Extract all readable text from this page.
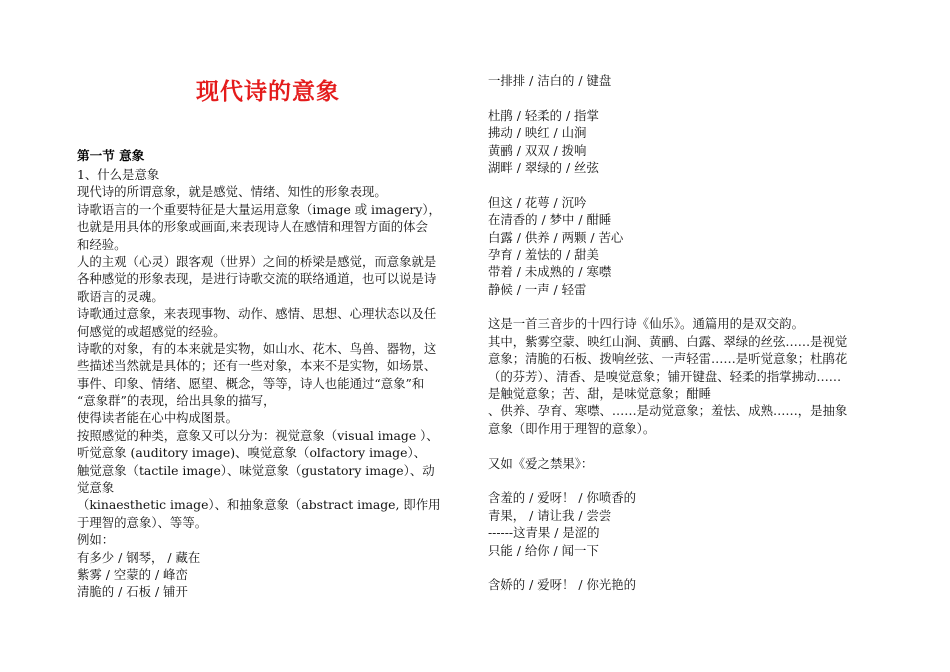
现代诗的意象
第一节 意象
1、什么是意象
现代诗的所谓意象，就是感觉、情绪、知性的形象表现。
诗歌语言的一个重要特征是大量运用意象（image 或 imagery），
也就是用具体的形象或画面,来表现诗人在感情和理智方面的体会
和经验。
人的主观（心灵）跟客观（世界）之间的桥梁是感觉，而意象就是
各种感觉的形象表现，是进行诗歌交流的联络通道，也可以说是诗
歌语言的灵魂。
诗歌通过意象，来表现事物、动作、感情、思想、心理状态以及任
何感觉的或超感觉的经验。
诗歌的对象，有的本来就是实物，如山水、花木、鸟兽、器物，这
些描述当然就是具体的；还有一些对象，本来不是实物，如场景、
事件、印象、情绪、愿望、概念，等等，诗人也能通过“意象”和
“意象群”的表现，给出具象的描写，
使得读者能在心中构成图景。
按照感觉的种类，意象又可以分为：视觉意象（visual image ）、
听觉意象 (auditory image)、嗅觉意象（olfactory image）、
触觉意象（tactile image）、味觉意象（gustatory image）、动
觉意象
（kinaesthetic image）、和抽象意象（abstract image, 即作用
于理智的意象）、等等。
例如：
有多少 / 钢琴， / 藏在
紫雾 / 空蒙的 / 峰峦
清脆的 / 石板 / 铺开
一排排 / 洁白的 / 键盘
杜鹃 / 轻柔的 / 指掌
拂动 / 映红 / 山涧
黄鹂 / 双双 / 拨响
湖畔 / 翠绿的 / 丝弦
但这 / 花萼 / 沉吟
在清香的 / 梦中 / 酣睡
白露 / 供养 / 两颗 / 苦心
孕育 / 羞怯的 / 甜美
带着 / 未成熟的 / 寒噤
静候 / 一声 / 轻雷
这是一首三音步的十四行诗《仙乐》。通篇用的是双交韵。
其中，紫雾空蒙、映红山涧、黄鹂、白露、翠绿的丝弦……是视觉
意象；清脆的石板、拨响丝弦、一声轻雷……是听觉意象；杜鹃花
（的芬芳）、清香、是嗅觉意象；铺开键盘、轻柔的指掌拂动……
是触觉意象；苦、甜，是味觉意象；酣睡
、供养、孕育、寒噤、……是动觉意象；羞怯、成熟……，是抽象
意象（即作用于理智的意象）。
又如《爱之禁果》：
含羞的 / 爱呀！ / 你喷香的
青果， / 请让我 / 尝尝
------这青果 / 是涩的
只能 / 给你 / 闻一下
含娇的 / 爱呀！ / 你光艳的
